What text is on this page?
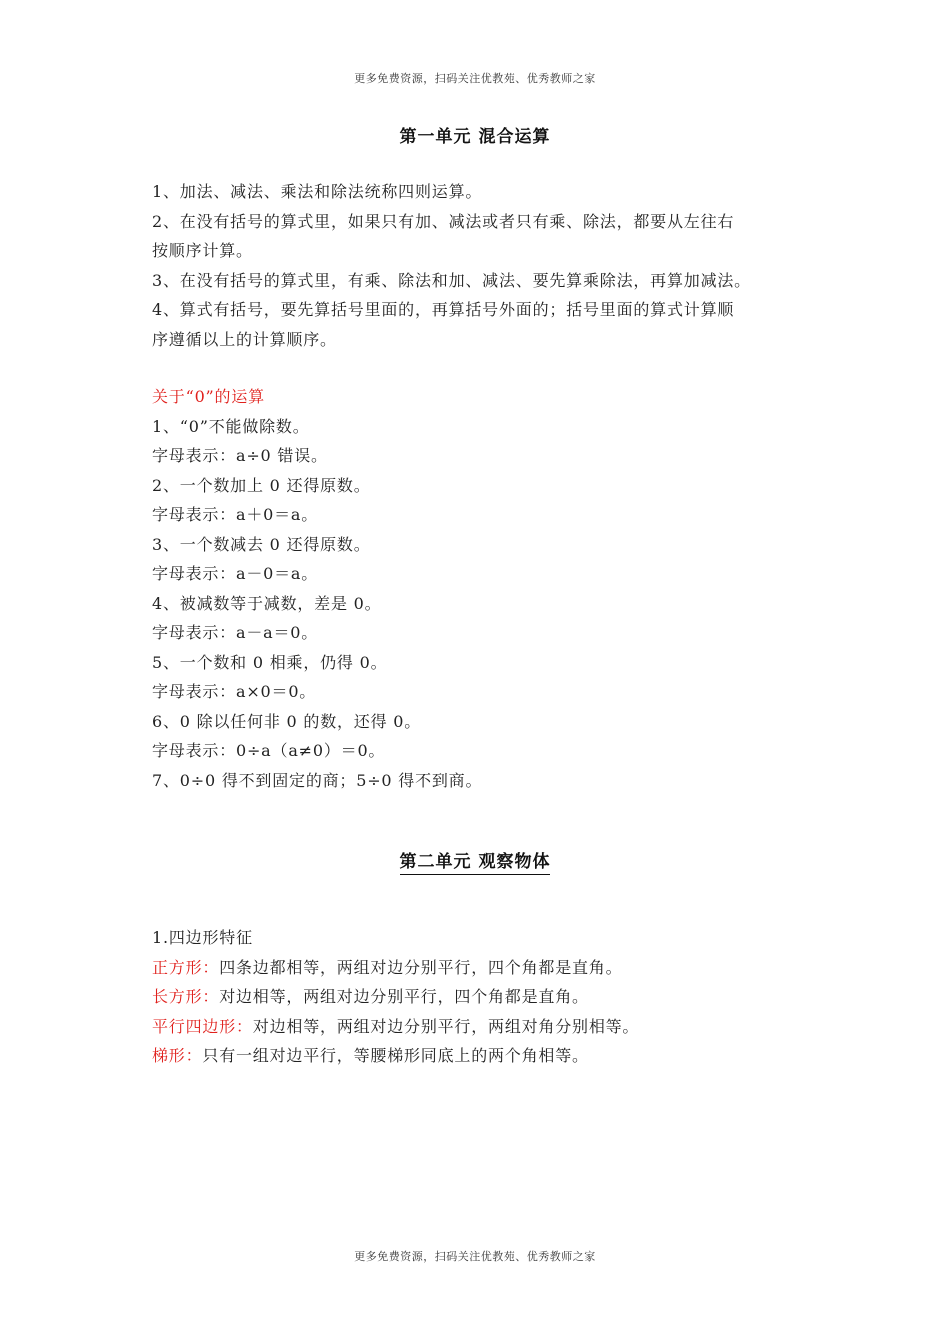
更多免费资源，扫码关注优教苑、优秀教师之家
第一单元 混合运算
1、加法、减法、乘法和除法统称四则运算。
2、在没有括号的算式里，如果只有加、减法或者只有乘、除法，都要从左往右
按顺序计算。
3、在没有括号的算式里，有乘、除法和加、减法、要先算乘除法，再算加减法。
4、算式有括号，要先算括号里面的，再算括号外面的；括号里面的算式计算顺
序遵循以上的计算顺序。
关于“0”的运算
1、“0”不能做除数。
字母表示：a÷0 错误。
2、一个数加上 0 还得原数。
字母表示：a＋0＝a。
3、一个数减去 0 还得原数。
字母表示：a－0＝a。
4、被减数等于减数，差是 0。
字母表示：a－a＝0。
5、一个数和 0 相乘，仍得 0。
字母表示：a×0＝0。
6、0 除以任何非 0 的数，还得 0。
字母表示：0÷a（a≠0）＝0。
7、0÷0 得不到固定的商；5÷0 得不到商。
第二单元 观察物体
1.四边形特征
正方形：四条边都相等，两组对边分别平行，四个角都是直角。
长方形：对边相等，两组对边分别平行，四个角都是直角。
平行四边形：对边相等，两组对边分别平行，两组对角分别相等。
梯形：只有一组对边平行，等腰梯形同底上的两个角相等。
更多免费资源，扫码关注优教苑、优秀教师之家
